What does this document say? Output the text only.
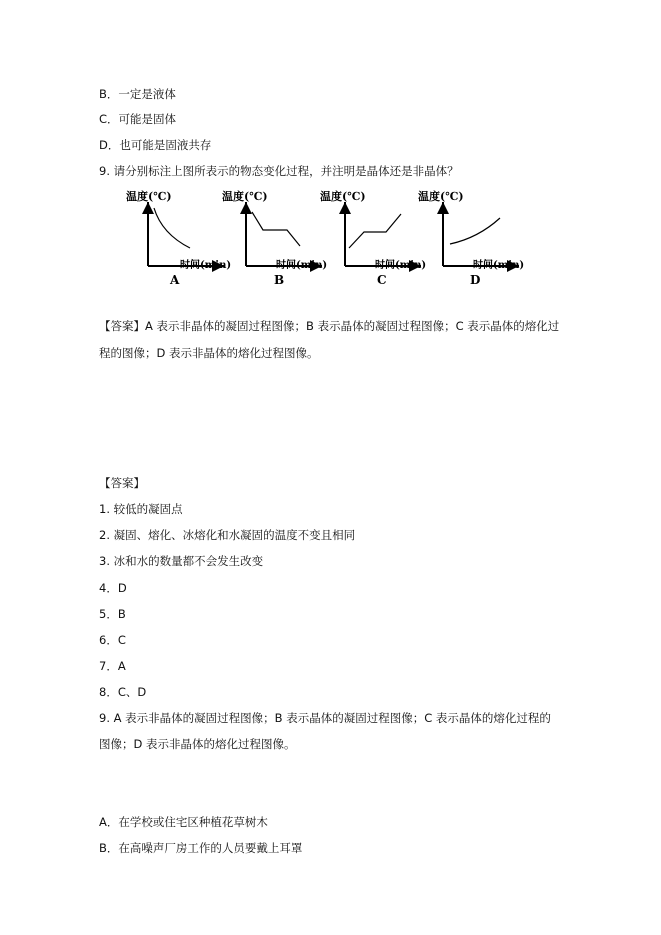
B．一定是液体
C．可能是固体
D．也可能是固液共存
9. 请分别标注上图所表示的物态变化过程，并注明是晶体还是非晶体？
温度(℃)
时间(min)
A
温度(℃)
时间(min)
B
温度(℃)
时间(min)
C
温度(℃)
时间(min)
D
【答案】A 表示非晶体的凝固过程图像；B 表示晶体的凝固过程图像；C 表示晶体的熔化过
程的图像；D 表示非晶体的熔化过程图像。
【答案】
1. 较低的凝固点
2. 凝固、熔化、冰熔化和水凝固的温度不变且相同
3. 冰和水的数量都不会发生改变
4．D
5．B
6．C
7．A
8．C、D
9. A 表示非晶体的凝固过程图像；B 表示晶体的凝固过程图像；C 表示晶体的熔化过程的
图像；D 表示非晶体的熔化过程图像。
A．在学校或住宅区种植花草树木
B．在高噪声厂房工作的人员要戴上耳罩
